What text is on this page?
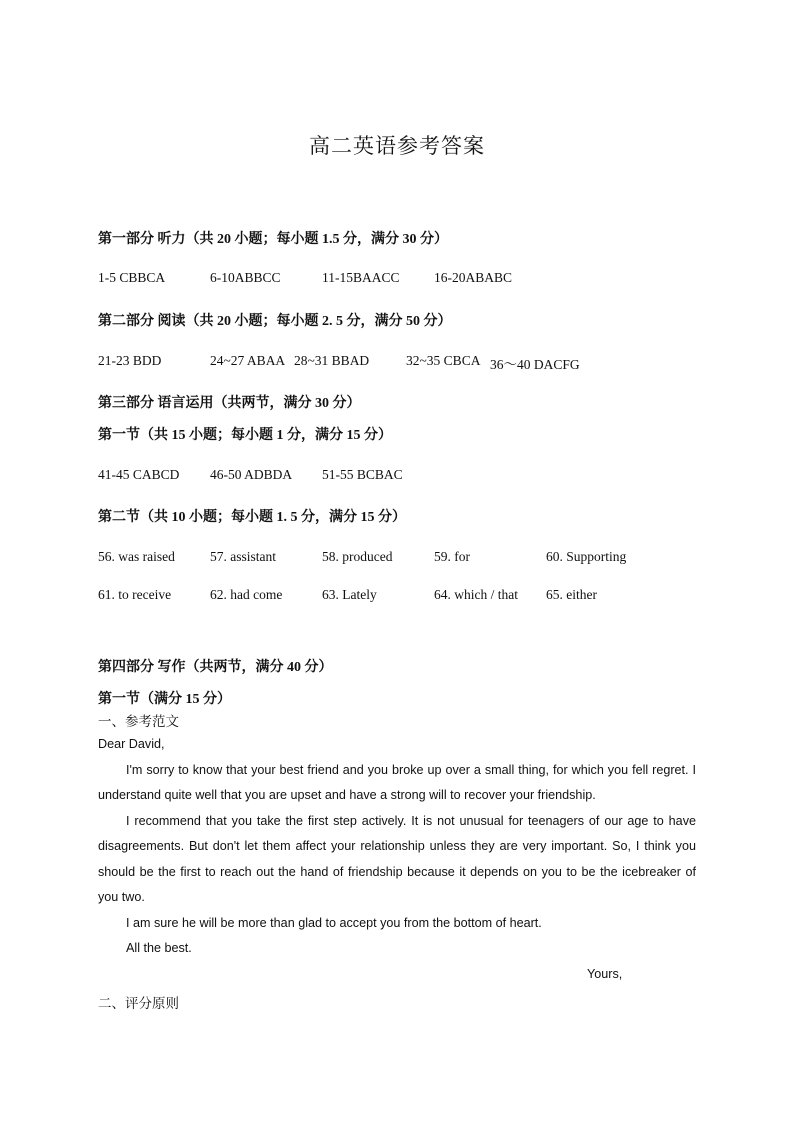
高二英语参考答案
第一部分 听力（共 20 小题；每小题 1.5 分，满分 30 分）
1-5 CBBCA	6-10ABBCC	11-15BAACC	16-20ABABC
第二部分 阅读（共 20 小题；每小题 2. 5 分，满分 50 分）
21-23 BDD	24~27 ABAA 28~31 BBAD	32~35 CBCA 36～40 DACFG
第三部分 语言运用（共两节，满分 30 分）
第一节（共 15 小题；每小题 1 分，满分 15 分）
41-45 CABCD 46-50 ADBDA 51-55 BCBAC
第二节（共 10 小题；每小题 1. 5 分，满分 15 分）
56. was raised	57. assistant	58. produced	59. for	60. Supporting
61. to receive	62. had come	63. Lately	64. which / that 65. either
第四部分 写作（共两节，满分 40 分）
第一节（满分 15 分）
一、参考范文
Dear David,

I'm sorry to know that your best friend and you broke up over a small thing, for which you fell regret. I understand quite well that you are upset and have a strong will to recover your friendship.

I recommend that you take the first step actively. It is not unusual for teenagers of our age to have disagreements. But don't let them affect your relationship unless they are very important. So, I think you should be the first to reach out the hand of friendship because it depends on you to be the icebreaker of you two.

I am sure he will be more than glad to accept you from the bottom of heart.

All the best.

Yours,
二、评分原则
